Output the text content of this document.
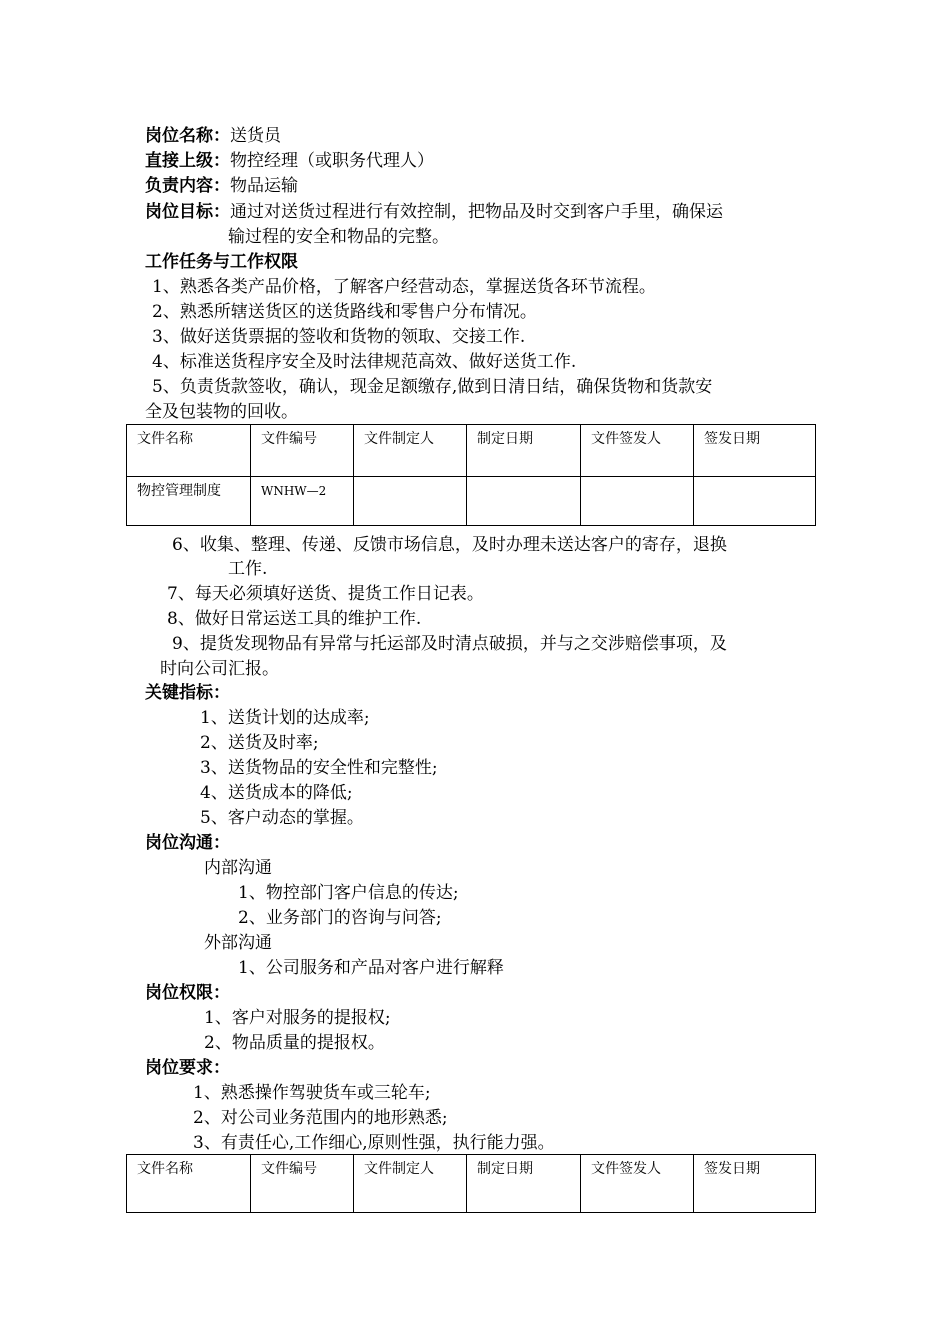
岗位名称：送货员
直接上级：物控经理（或职务代理人）
负责内容：物品运输
岗位目标：通过对送货过程进行有效控制，把物品及时交到客户手里，确保运
输过程的安全和物品的完整。
工作任务与工作权限
1、熟悉各类产品价格，了解客户经营动态，掌握送货各环节流程。
2、熟悉所辖送货区的送货路线和零售户分布情况。
3、做好送货票据的签收和货物的领取、交接工作.
4、标准送货程序安全及时法律规范高效、做好送货工作.
5、负责货款签收，确认，现金足额缴存,做到日清日结，确保货物和货款安
全及包装物的回收。
文件名称	文件编号	文件制定人	制定日期	文件签发人	签发日期
物控管理制度	WNHW—2				
6、收集、整理、传递、反馈市场信息，及时办理未送达客户的寄存，退换
工作.
7、每天必须填好送货、提货工作日记表。
8、做好日常运送工具的维护工作.
9、提货发现物品有异常与托运部及时清点破损，并与之交涉赔偿事项，及
时向公司汇报。
关键指标：
1、送货计划的达成率;
2、送货及时率;
3、送货物品的安全性和完整性;
4、送货成本的降低;
5、客户动态的掌握。
岗位沟通：
内部沟通
1、物控部门客户信息的传达;
2、业务部门的咨询与问答;
外部沟通
1、公司服务和产品对客户进行解释
岗位权限：
1、客户对服务的提报权;
2、物品质量的提报权。
岗位要求：
1、熟悉操作驾驶货车或三轮车;
2、对公司业务范围内的地形熟悉;
3、有责任心,工作细心,原则性强，执行能力强。
文件名称	文件编号	文件制定人	制定日期	文件签发人	签发日期
